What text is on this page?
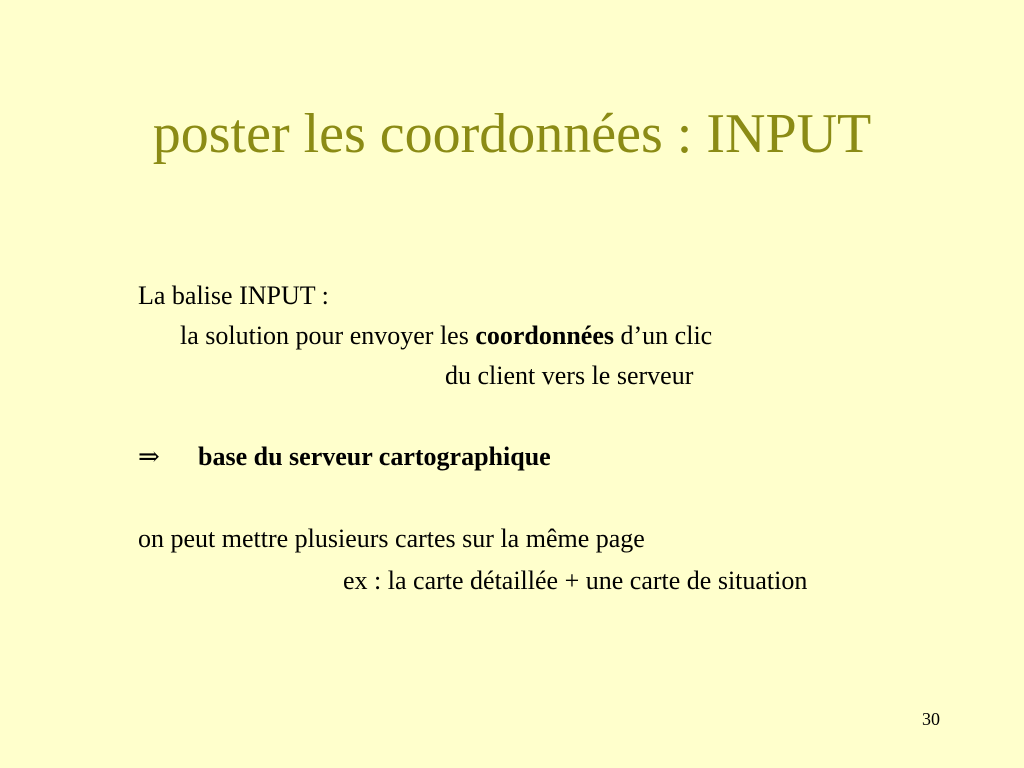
poster les coordonnées : INPUT
La balise INPUT :
la solution pour envoyer les coordonnées d’un clic
du client vers le serveur
⇒ base du serveur cartographique
on peut mettre plusieurs cartes sur la même page
ex : la carte détaillée + une carte de situation
30
